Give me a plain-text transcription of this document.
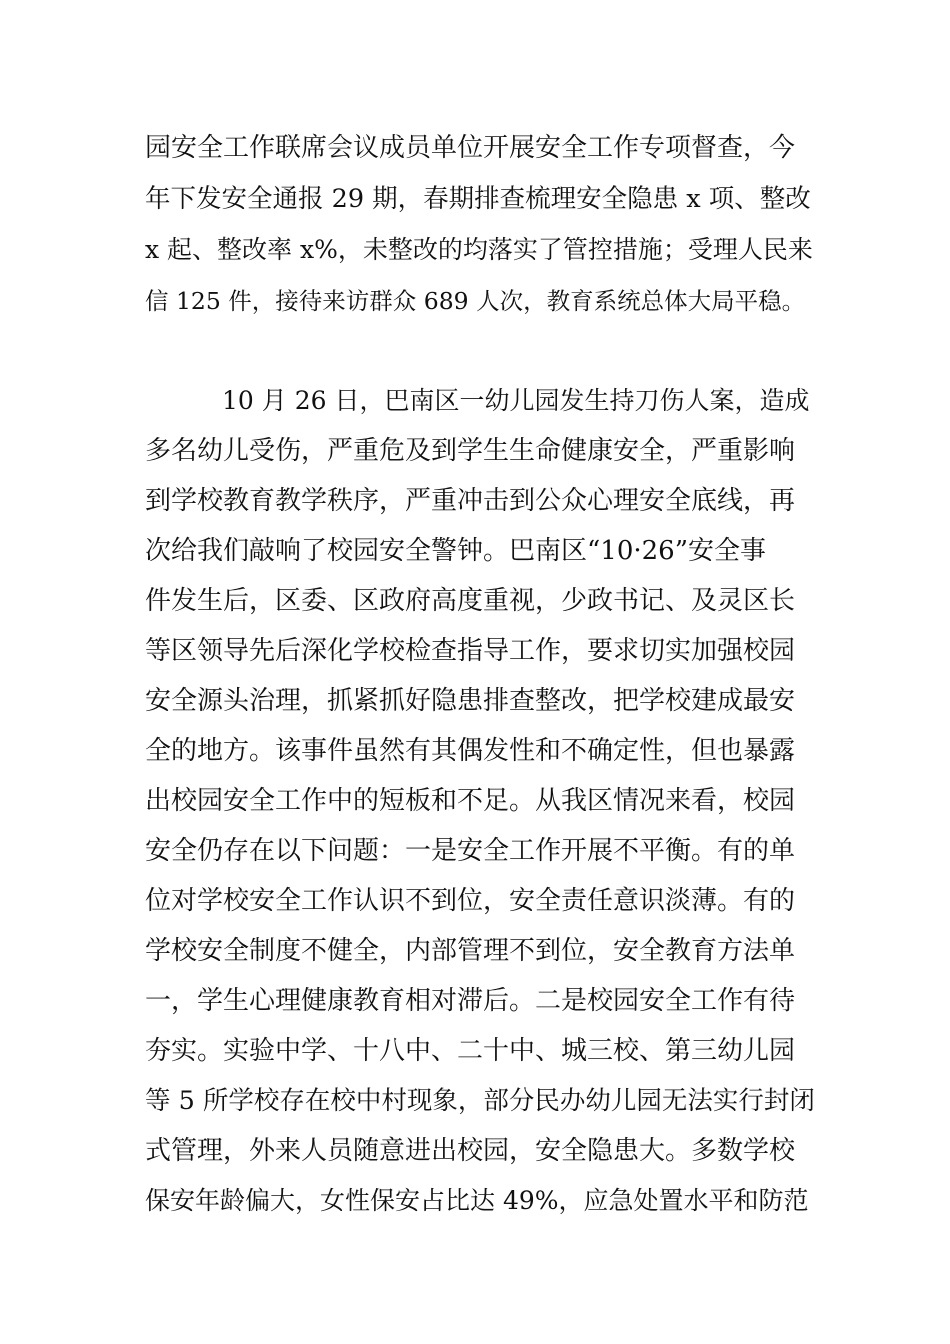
园安全工作联席会议成员单位开展安全工作专项督查，今
年下发安全通报 29 期，春期排查梳理安全隐患 x 项、整改
x 起、整改率 x%，未整改的均落实了管控措施；受理人民来
信 125 件，接待来访群众 689 人次，教育系统总体大局平稳。
10 月 26 日，巴南区一幼儿园发生持刀伤人案，造成
多名幼儿受伤，严重危及到学生生命健康安全，严重影响
到学校教育教学秩序，严重冲击到公众心理安全底线，再
次给我们敲响了校园安全警钟。巴南区“10·26”安全事
件发生后，区委、区政府高度重视，少政书记、及灵区长
等区领导先后深化学校检查指导工作，要求切实加强校园
安全源头治理，抓紧抓好隐患排查整改，把学校建成最安
全的地方。该事件虽然有其偶发性和不确定性，但也暴露
出校园安全工作中的短板和不足。从我区情况来看，校园
安全仍存在以下问题：一是安全工作开展不平衡。有的单
位对学校安全工作认识不到位，安全责任意识淡薄。有的
学校安全制度不健全，内部管理不到位，安全教育方法单
一，学生心理健康教育相对滞后。二是校园安全工作有待
夯实。实验中学、十八中、二十中、城三校、第三幼儿园
等 5 所学校存在校中村现象，部分民办幼儿园无法实行封闭
式管理，外来人员随意进出校园，安全隐患大。多数学校
保安年龄偏大，女性保安占比达 49%，应急处置水平和防范
